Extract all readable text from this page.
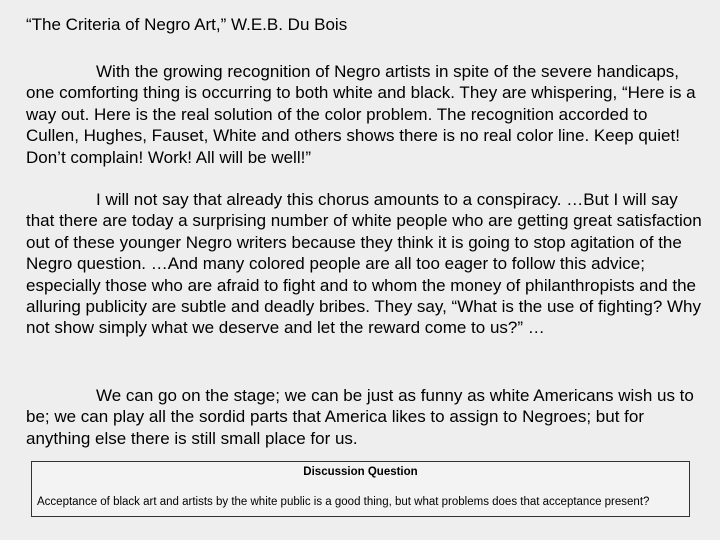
“The Criteria of Negro Art,” W.E.B. Du Bois

With the growing recognition of Negro artists in spite of the severe handicaps, one comforting thing is occurring to both white and black. They are whispering, “Here is a way out. Here is the real solution of the color problem. The recognition accorded to Cullen, Hughes, Fauset, White and others shows there is no real color line. Keep quiet! Don’t complain! Work! All will be well!”

I will not say that already this chorus amounts to a conspiracy. …But I will say that there are today a surprising number of white people who are getting great satisfaction out of these younger Negro writers because they think it is going to stop agitation of the Negro question. …And many colored people are all too eager to follow this advice; especially those who are afraid to fight and to whom the money of philanthropists and the alluring publicity are subtle and deadly bribes. They say, “What is the use of fighting? Why not show simply what we deserve and let the reward come to us?” …

We can go on the stage; we can be just as funny as white Americans wish us to be; we can play all the sordid parts that America likes to assign to Negroes; but for anything else there is still small place for us.

Discussion Question
Acceptance of black art and artists by the white public is a good thing, but what problems does that acceptance present?
